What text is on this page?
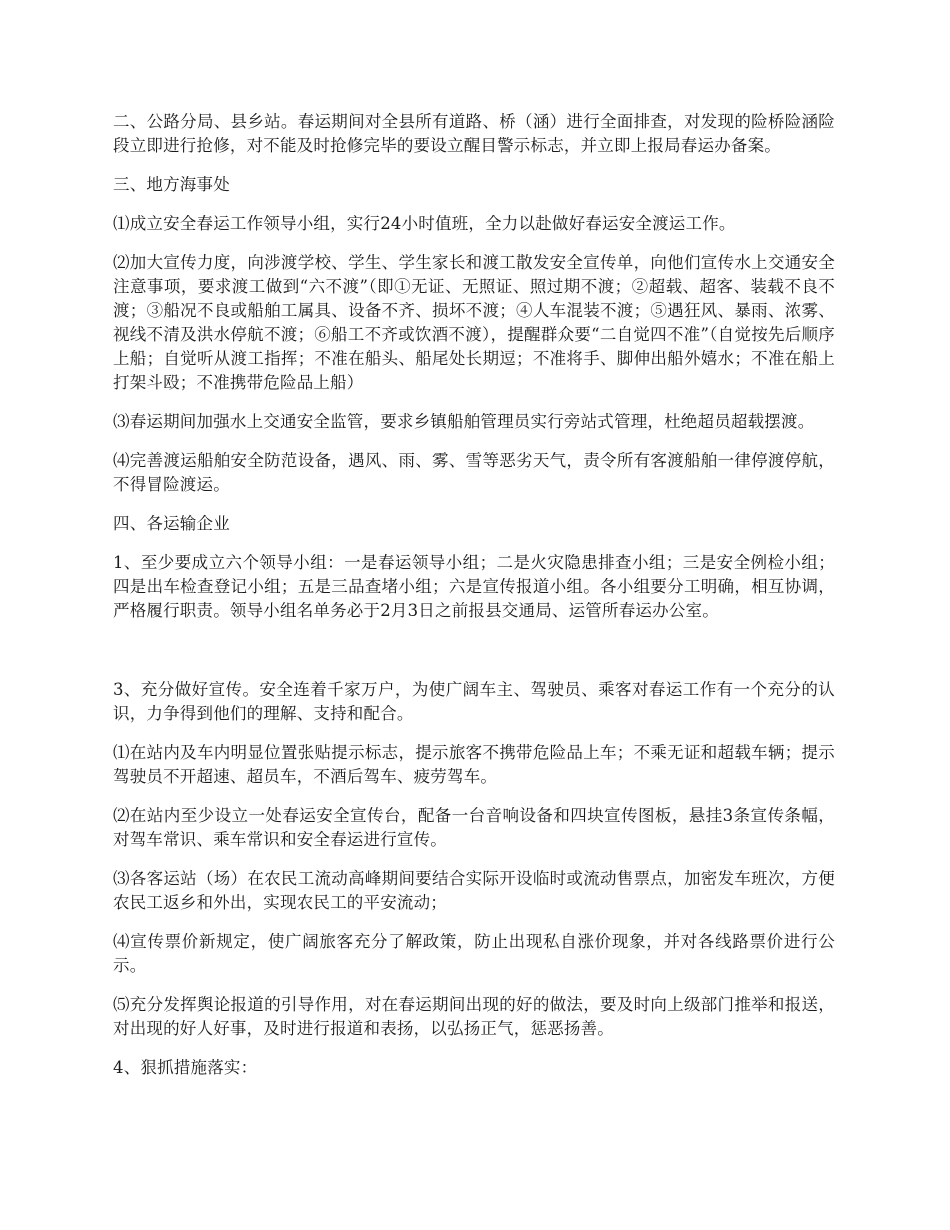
二、公路分局、县乡站。春运期间对全县所有道路、桥（涵）进行全面排查，对发现的险桥险涵险段立即进行抢修，对不能及时抢修完毕的要设立醒目警示标志，并立即上报局春运办备案。

三、地方海事处

⑴成立安全春运工作领导小组，实行24小时值班，全力以赴做好春运安全渡运工作。

⑵加大宣传力度，向涉渡学校、学生、学生家长和渡工散发安全宣传单，向他们宣传水上交通安全注意事项，要求渡工做到“六不渡”（即①无证、无照证、照过期不渡；②超载、超客、装载不良不渡；③船况不良或船舶工属具、设备不齐、损坏不渡；④人车混装不渡；⑤遇狂风、暴雨、浓雾、视线不清及洪水停航不渡；⑥船工不齐或饮酒不渡），提醒群众要“二自觉四不准”（自觉按先后顺序上船；自觉听从渡工指挥；不准在船头、船尾处长期逗；不准将手、脚伸出船外嬉水；不准在船上打架斗殴；不准携带危险品上船）

⑶春运期间加强水上交通安全监管，要求乡镇船舶管理员实行旁站式管理，杜绝超员超载摆渡。

⑷完善渡运船舶安全防范设备，遇风、雨、雾、雪等恶劣天气，责令所有客渡船舶一律停渡停航，不得冒险渡运。

四、各运输企业

1、至少要成立六个领导小组：一是春运领导小组；二是火灾隐患排查小组；三是安全例检小组；四是出车检查登记小组；五是三品查堵小组；六是宣传报道小组。各小组要分工明确，相互协调，严格履行职责。领导小组名单务必于2月3日之前报县交通局、运管所春运办公室。

3、充分做好宣传。安全连着千家万户，为使广阔车主、驾驶员、乘客对春运工作有一个充分的认识，力争得到他们的理解、支持和配合。

⑴在站内及车内明显位置张贴提示标志，提示旅客不携带危险品上车；不乘无证和超载车辆；提示驾驶员不开超速、超员车，不酒后驾车、疲劳驾车。

⑵在站内至少设立一处春运安全宣传台，配备一台音响设备和四块宣传图板，悬挂3条宣传条幅，对驾车常识、乘车常识和安全春运进行宣传。

⑶各客运站（场）在农民工流动高峰期间要结合实际开设临时或流动售票点，加密发车班次，方便农民工返乡和外出，实现农民工的平安流动；

⑷宣传票价新规定，使广阔旅客充分了解政策，防止出现私自涨价现象，并对各线路票价进行公示。

⑸充分发挥舆论报道的引导作用，对在春运期间出现的好的做法，要及时向上级部门推举和报送，对出现的好人好事，及时进行报道和表扬，以弘扬正气，惩恶扬善。

4、狠抓措施落实：
